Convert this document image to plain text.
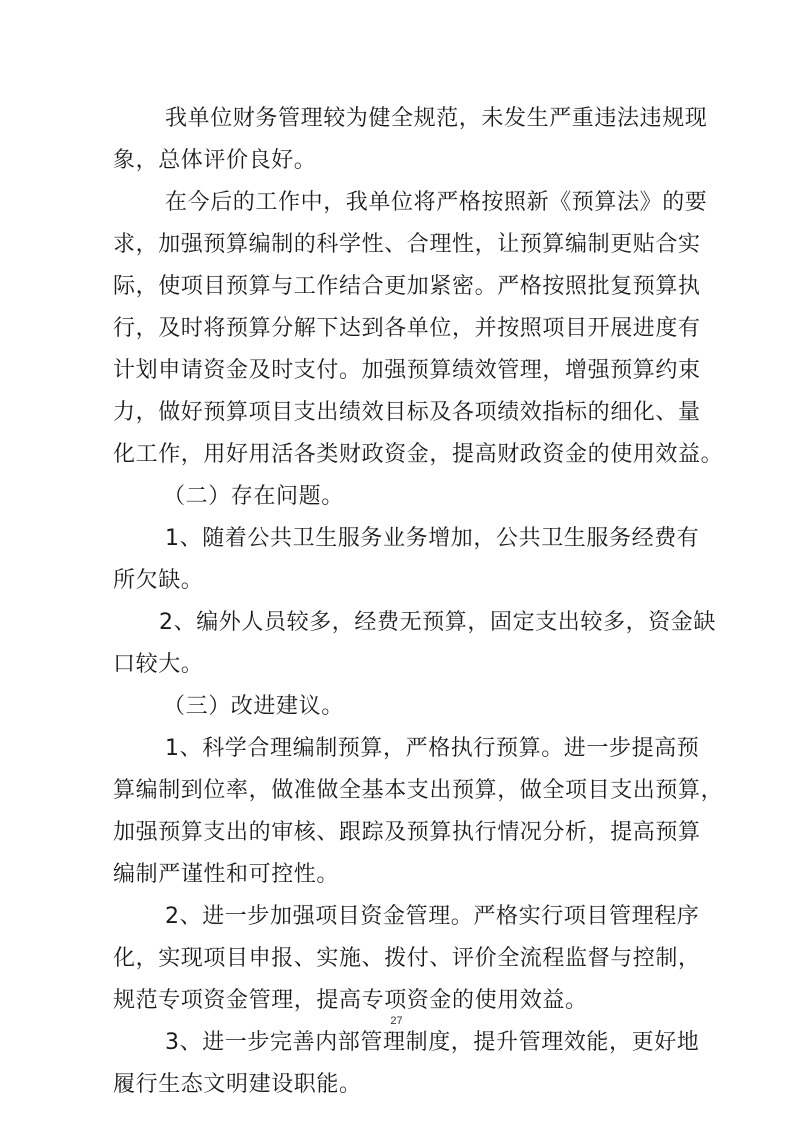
我单位财务管理较为健全规范，未发生严重违法违规现
象，总体评价良好。

在今后的工作中，我单位将严格按照新《预算法》的要
求，加强预算编制的科学性、合理性，让预算编制更贴合实
际，使项目预算与工作结合更加紧密。严格按照批复预算执
行，及时将预算分解下达到各单位，并按照项目开展进度有
计划申请资金及时支付。加强预算绩效管理，增强预算约束
力，做好预算项目支出绩效目标及各项绩效指标的细化、量
化工作，用好用活各类财政资金，提高财政资金的使用效益。

（二）存在问题。

1、随着公共卫生服务业务增加，公共卫生服务经费有
所欠缺。

2、编外人员较多，经费无预算，固定支出较多，资金缺
口较大。

（三）改进建议。

1、科学合理编制预算，严格执行预算。进一步提高预
算编制到位率，做准做全基本支出预算，做全项目支出预算，
加强预算支出的审核、跟踪及预算执行情况分析，提高预算
编制严谨性和可控性。

2、进一步加强项目资金管理。严格实行项目管理程序
化，实现项目申报、实施、拨付、评价全流程监督与控制，
规范专项资金管理，提高专项资金的使用效益。

3、进一步完善内部管理制度，提升管理效能，更好地
履行生态文明建设职能。

27
